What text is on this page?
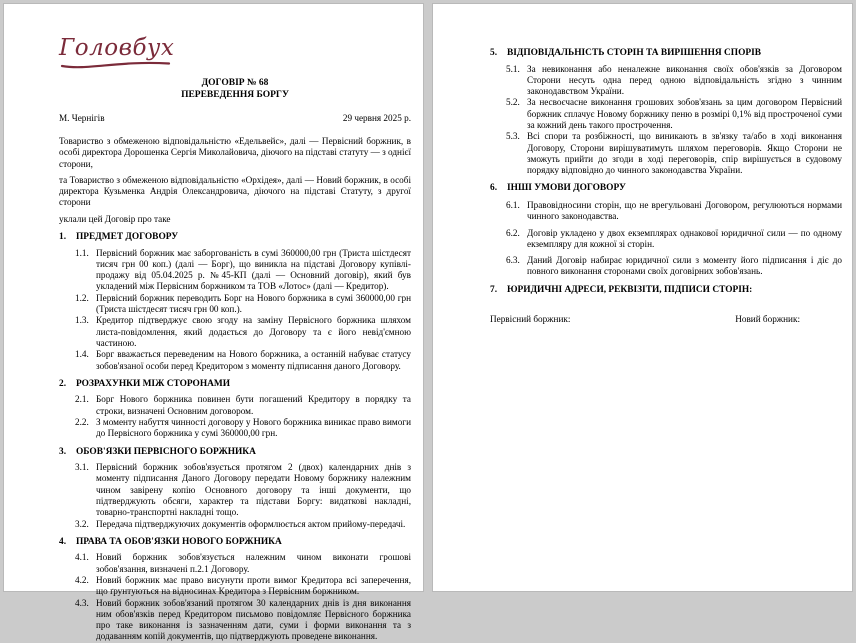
Головбух
ДОГОВІР № 68
ПЕРЕВЕДЕННЯ БОРГУ
М. Чернігів	29 червня 2025 р.
Товариство з обмеженою відповідальністю «Едельвейс», далі — Первісний боржник, в особі директора Дорошенка Сергія Миколайовича, діючого на підставі статуту — з однієї сторони,
та Товариство з обмеженою відповідальністю «Орхідея», далі — Новий боржник, в особі директора Кузьменка Андрія Олександровича, діючого на підставі Статуту, з другої сторони
уклали цей Договір про таке
1. ПРЕДМЕТ ДОГОВОРУ
1.1. Первісний боржник має заборгованість в сумі 360000,00 грн (Триста шістдесят тисяч грн 00 коп.) (далі — Борг), що виникла на підставі Договору купівлі-продажу від 05.04.2025 р. №45-КП (далі — Основний договір), який був укладений між Первісним боржником та ТОВ «Лотос» (далі — Кредитор).
1.2. Первісний боржник переводить Борг на Нового боржника в сумі 360000,00 грн (Триста шістдесят тисяч грн 00 коп.).
1.3. Кредитор підтверджує свою згоду на заміну Первісного боржника шляхом листа-повідомлення, який додається до Договору та є його невід'ємною частиною.
1.4. Борг вважається переведеним на Нового боржника, а останній набуває статусу зобов'язаної особи перед Кредитором з моменту підписання даного Договору.
2. РОЗРАХУНКИ МІЖ СТОРОНАМИ
2.1. Борг Нового боржника повинен бути погашений Кредитору в порядку та строки, визначені Основним договором.
2.2. З моменту набуття чинності договору у Нового боржника виникає право вимоги до Первісного боржника у сумі 360000,00 грн.
3. ОБОВ'ЯЗКИ ПЕРВІСНОГО БОРЖНИКА
3.1. Первісний боржник зобов'язується протягом 2 (двох) календарних днів з моменту підписання Даного Договору передати Новому боржнику належним чином завірену копію Основного договору та інші документи, що підтверджують обсяги, характер та підстави Боргу: видаткові накладні, товарно-транспортні накладні тощо.
3.2. Передача підтверджуючих документів оформлюється актом прийому-передачі.
4. ПРАВА ТА ОБОВ'ЯЗКИ НОВОГО БОРЖНИКА
4.1. Новий боржник зобов'язується належним чином виконати грошові зобов'язання, визначені п.2.1 Договору.
4.2. Новий боржник має право висунути проти вимог Кредитора всі заперечення, що ґрунтуються на відносинах Кредитора з Первісним боржником.
4.3. Новий боржник зобов'язаний протягом 30 календарних днів із дня виконання ним обов'язків перед Кредитором письмово повідомляє Первісного боржника про таке виконання із зазначенням дати, суми і форми виконання та з додаванням копій документів, що підтверджують проведене виконання.
5. ВІДПОВІДАЛЬНІСТЬ СТОРІН ТА ВИРІШЕННЯ СПОРІВ
5.1. За невиконання або неналежне виконання своїх обов'язків за Договором Сторони несуть одна перед одною відповідальність згідно з чинним законодавством України.
5.2. За несвоєчасне виконання грошових зобов'язань за цим договором Первісний боржник сплачує Новому боржнику пеню в розмірі 0,1% від простроченої суми за кожний день такого прострочення.
5.3. Всі спори та розбіжності, що виникають в зв'язку та/або в ході виконання Договору, Сторони вирішуватимуть шляхом переговорів. Якщо Сторони не зможуть прийти до згоди в ході переговорів, спір вирішується в судовому порядку відповідно до чинного законодавства України.
6. ІНШІ УМОВИ ДОГОВОРУ
6.1. Правовідносини сторін, що не врегульовані Договором, регулюються нормами чинного законодавства.
6.2. Договір укладено у двох екземплярах однакової юридичної сили — по одному екземпляру для кожної зі сторін.
6.3. Даний Договір набирає юридичної сили з моменту його підписання і діє до повного виконання сторонами своїх договірних зобов'язань.
7. ЮРИДИЧНІ АДРЕСИ, РЕКВІЗІТИ, ПІДПИСИ СТОРІН:
Первісний боржник:	Новий боржник:
